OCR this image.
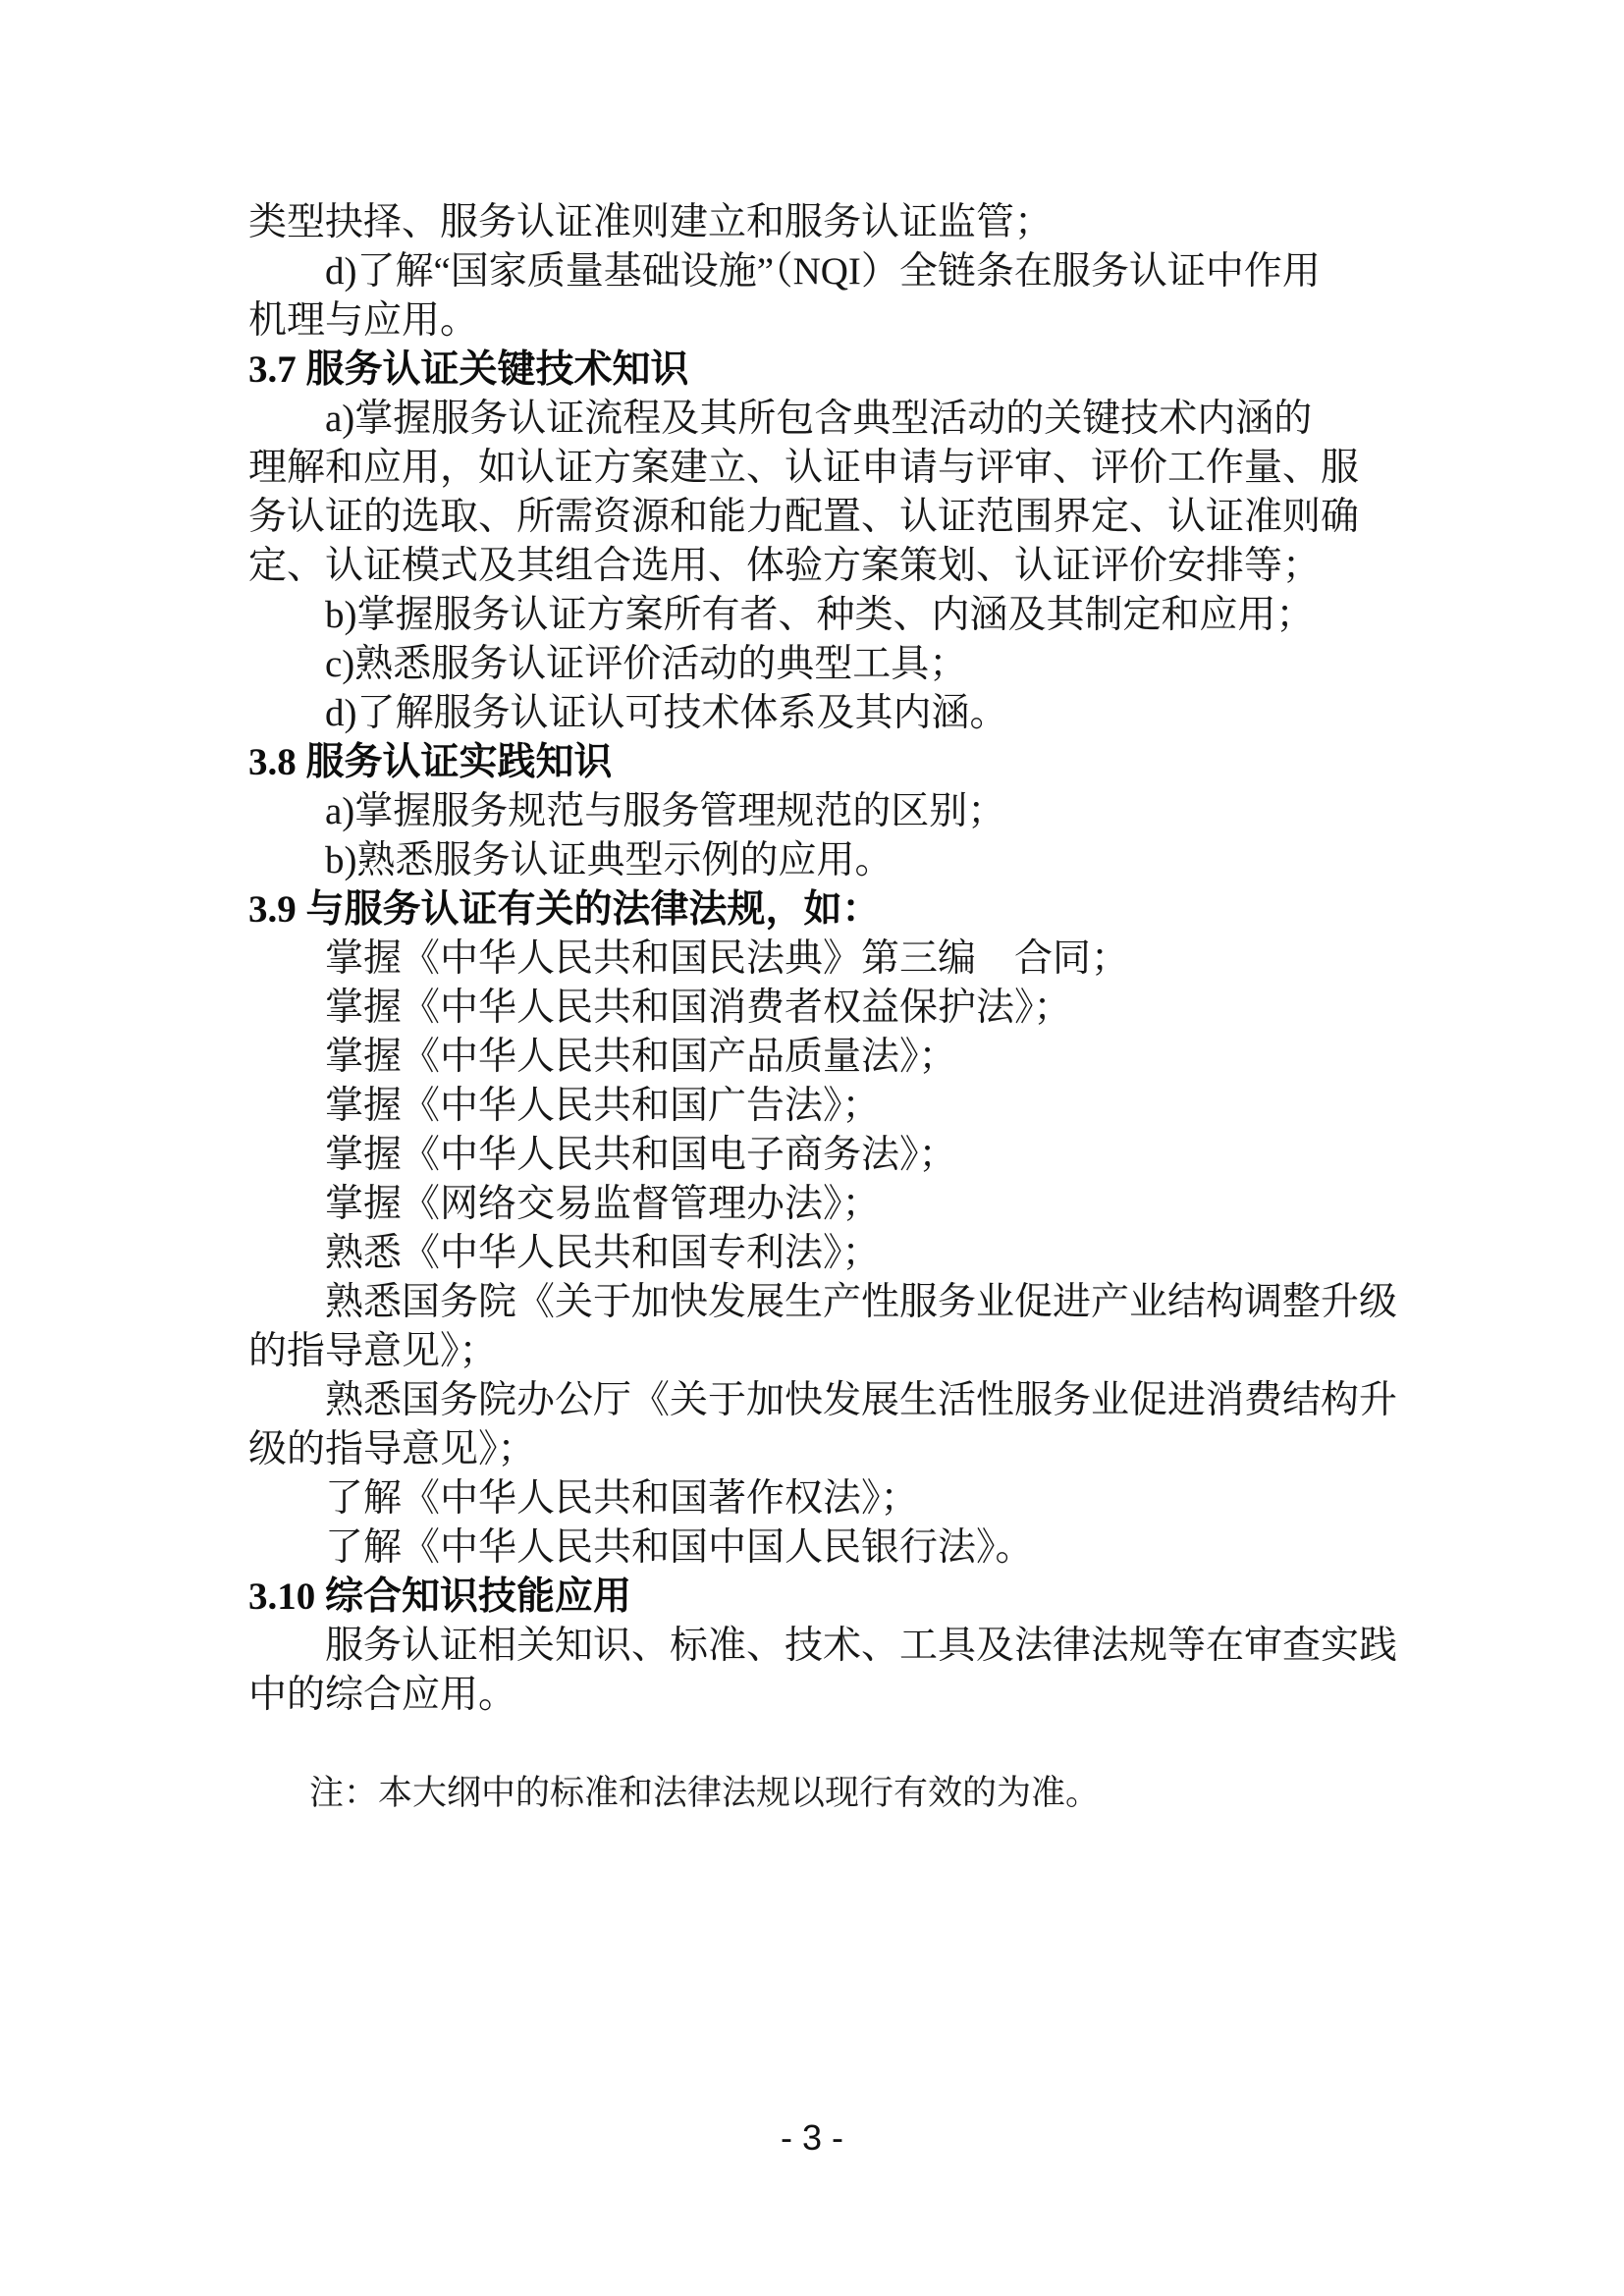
类型抉择、服务认证准则建立和服务认证监管；
d)了解“国家质量基础设施”（NQI）全链条在服务认证中作用
机理与应用。
3.7 服务认证关键技术知识
a)掌握服务认证流程及其所包含典型活动的关键技术内涵的
理解和应用，如认证方案建立、认证申请与评审、评价工作量、服
务认证的选取、所需资源和能力配置、认证范围界定、认证准则确
定、认证模式及其组合选用、体验方案策划、认证评价安排等；
b)掌握服务认证方案所有者、种类、内涵及其制定和应用；
c)熟悉服务认证评价活动的典型工具；
d)了解服务认证认可技术体系及其内涵。
3.8 服务认证实践知识
a)掌握服务规范与服务管理规范的区别；
b)熟悉服务认证典型示例的应用。
3.9 与服务认证有关的法律法规，如：
掌握《中华人民共和国民法典》第三编　合同；
掌握《中华人民共和国消费者权益保护法》；
掌握《中华人民共和国产品质量法》；
掌握《中华人民共和国广告法》；
掌握《中华人民共和国电子商务法》；
掌握《网络交易监督管理办法》；
熟悉《中华人民共和国专利法》；
熟悉国务院《关于加快发展生产性服务业促进产业结构调整升级
的指导意见》；
熟悉国务院办公厅《关于加快发展生活性服务业促进消费结构升
级的指导意见》；
了解《中华人民共和国著作权法》；
了解《中华人民共和国中国人民银行法》。
3.10 综合知识技能应用
服务认证相关知识、标准、技术、工具及法律法规等在审查实践
中的综合应用。
注：本大纲中的标准和法律法规以现行有效的为准。
- 3 -
